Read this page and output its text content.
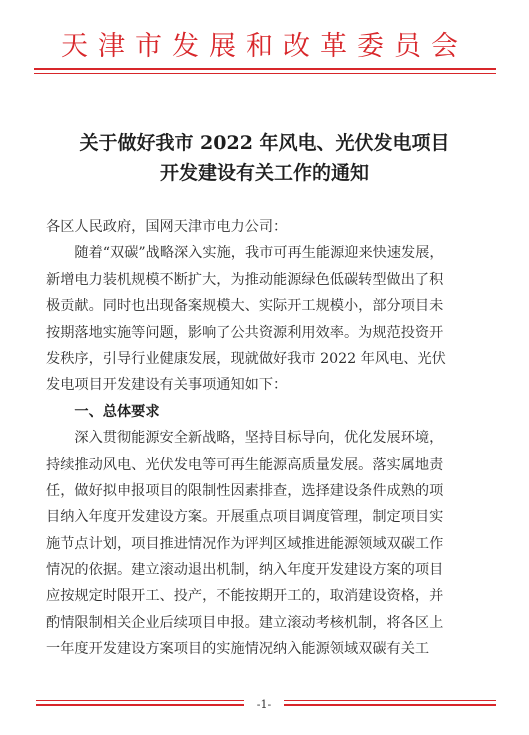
天津市发展和改革委员会
关于做好我市 2022 年风电、光伏发电项目
开发建设有关工作的通知
各区人民政府，国网天津市电力公司：
随着“双碳”战略深入实施，我市可再生能源迎来快速发展，
新增电力装机规模不断扩大，为推动能源绿色低碳转型做出了积
极贡献。同时也出现备案规模大、实际开工规模小，部分项目未
按期落地实施等问题，影响了公共资源利用效率。为规范投资开
发秩序，引导行业健康发展，现就做好我市 2022 年风电、光伏
发电项目开发建设有关事项通知如下：
一、总体要求
深入贯彻能源安全新战略，坚持目标导向，优化发展环境，
持续推动风电、光伏发电等可再生能源高质量发展。落实属地责
任，做好拟申报项目的限制性因素排查，选择建设条件成熟的项
目纳入年度开发建设方案。开展重点项目调度管理，制定项目实
施节点计划，项目推进情况作为评判区域推进能源领域双碳工作
情况的依据。建立滚动退出机制，纳入年度开发建设方案的项目
应按规定时限开工、投产，不能按期开工的，取消建设资格，并
酌情限制相关企业后续项目申报。建立滚动考核机制，将各区上
一年度开发建设方案项目的实施情况纳入能源领域双碳有关工
-1-
